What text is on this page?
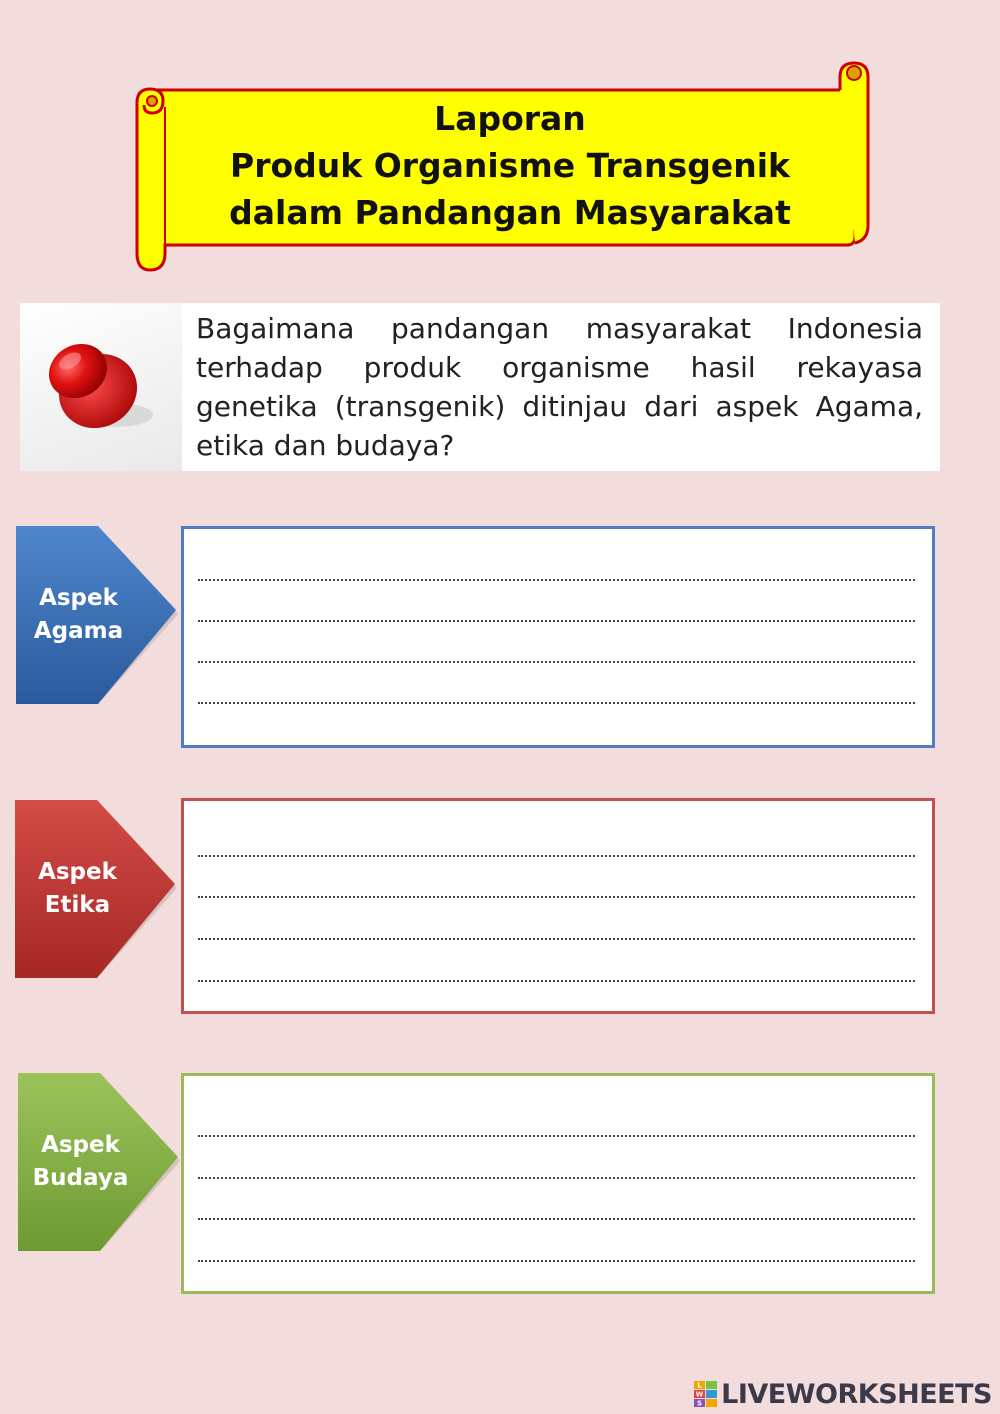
Laporan
Produk Organisme Transgenik
dalam Pandangan Masyarakat
Bagaimana pandangan masyarakat Indonesia terhadap produk organisme hasil rekayasa genetika (transgenik) ditinjau dari aspek Agama, etika dan budaya?
Aspek
Agama
Aspek
Etika
Aspek
Budaya
L
W
S LIVEWORKSHEETS
